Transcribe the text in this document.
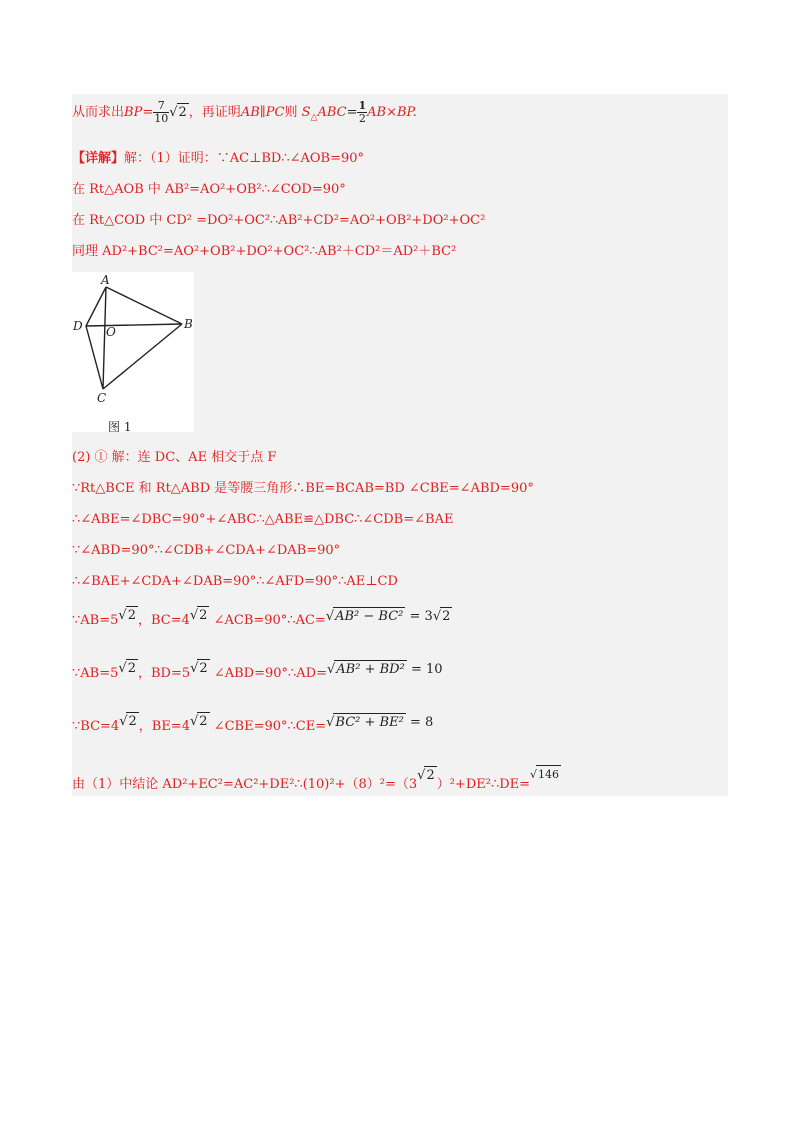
从而求出$BP= \frac{7}{10} √2$ ，再证明AB∥PC则 $S_\triangle ABC= \frac{1}{2} AB\times BP$.
【详解】解：（1）证明：∵AC⊥BD∴∠AOB=90°
在 Rt△AOB 中 AB²=AO²+OB²∴∠COD=90°
在 Rt△COD 中 CD² =DO²+OC²∴AB²+CD²=AO²+OB²+DO²+OC²
同理 AD²+BC²=AO²+OB²+DO²+OC²∴AB²＋CD²＝AD²＋BC²
A
B
C
D O
图 1
(2) ① 解：连 DC、AE 相交于点 F
∵Rt△BCE 和 Rt△ABD 是等腰三角形∴BE=BCAB=BD ∠CBE=∠ABD=90°
∴∠ABE=∠DBC=90°+∠ABC∴△ABE≌△DBC∴∠CDB=∠BAE
∵∠ABD=90°∴∠CDB+∠CDA+∠DAB=90°
∴∠BAE+∠CDA+∠DAB=90°∴∠AFD=90°∴AE⊥CD
∵AB=5√2 ，BC=4√2 ∠ACB=90°∴AC=√AB² − BC² = 3√2
∵AB=5√2 ，BD=5√2 ∠ABD=90°∴AD=√AB² + BD² = 10
∵BC=4√2 ，BE=4√2 ∠CBE=90°∴CE=√BC² + BE² = 8
由（1）中结论 AD²+EC²=AC²+DE²∴(10)²+（8）²=（3√2）²+DE²∴DE=$^{√146}$
